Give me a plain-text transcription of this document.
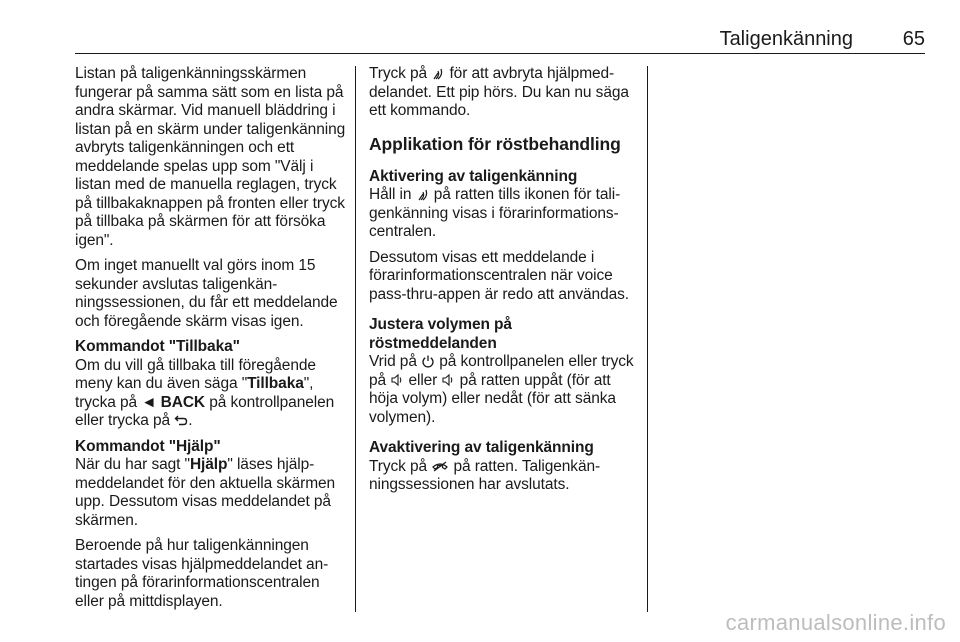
Taligenkänning 65

Listan på taligenkänningsskärmen fungerar på samma sätt som en lista på andra skärmar. Vid manuell bläddring i listan på en skärm under taligenkänning avbryts taligenkänningen och ett meddelande spelas upp som "Välj i listan med de manuella reglagen, tryck på tillbakaknappen på fronten eller tryck på tillbaka på skärmen för att försöka igen".

Om inget manuellt val görs inom 15 sekunder avslutas taligenkänningssessionen, du får ett meddelande och föregående skärm visas igen.

Kommandot "Tillbaka"

Om du vill gå tillbaka till föregående meny kan du även säga "Tillbaka", trycka på ◄ BACK på kontrollpanelen eller trycka på
.

Kommandot "Hjälp"

När du har sagt "Hjälp" läses hjälpmeddelandet för den aktuella skärmen upp. Dessutom visas meddelandet på skärmen.

Beroende på hur taligenkänningen startades visas hjälpmeddelandet antingen på förarinformationscentralen eller på mittdisplayen.

Tryck på
för att avbryta hjälpmeddelandet. Ett pip hörs. Du kan nu säga ett kommando.

Applikation för röstbehandling
Aktivering av taligenkänning

Håll in
på ratten tills ikonen för taligenkänning visas i förarinformationscentralen.

Dessutom visas ett meddelande i förarinformationscentralen när voice pass-thru-appen är redo att användas.

Justera volymen på röstmeddelanden

Vrid på
på kontrollpanelen eller tryck på
eller
på ratten uppåt (för att höja volym) eller nedåt (för att sänka volymen).

Avaktivering av taligenkänning

Tryck på
på ratten. Taligenkänningssessionen har avslutats.

carmanualsonline.info
